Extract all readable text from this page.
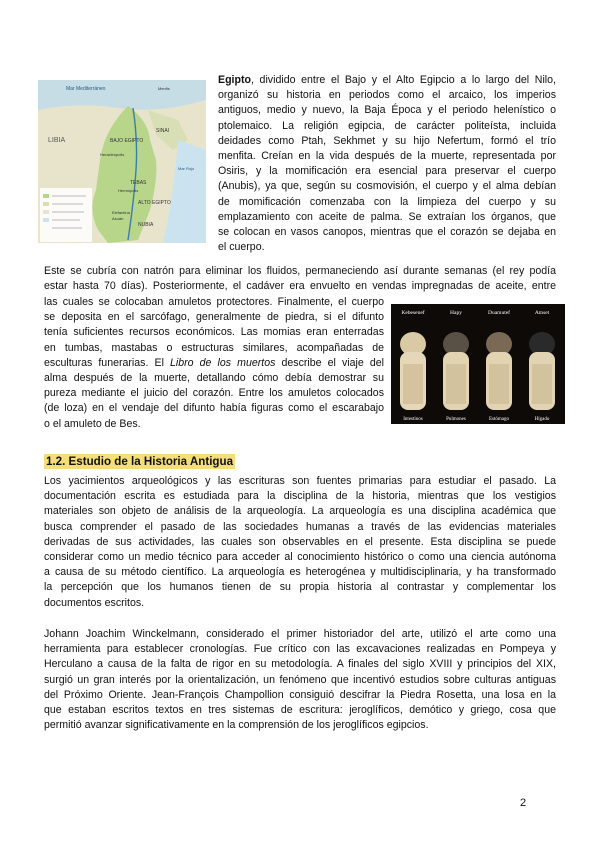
Mar Mediterráneo
LIBIA	BAJO EGIPTO
SINAI
Heracleópolis
TEBAS
Hermópolis
ALTO EGIPTO
Elefantina
Asuán
NUBIA
Menfis
Mar Rojo
Egipto, dividido entre el Bajo y el Alto Egipcio a lo largo del Nilo,
organizó su historia en periodos como el arcaico, los imperios
antiguos, medio y nuevo, la Baja Época y el periodo helenístico o
ptolemaico. La religión egipcia, de carácter politeísta, incluida
deidades como Ptah, Sekhmet y su hijo Nefertum, formó el trío
menfita. Creían en la vida después de la muerte, representada por
Osiris, y la momificación era esencial para preservar el cuerpo
(Anubis), ya que, según su cosmovisión, el cuerpo y el alma debían
de momificación comenzaba con la limpieza del cuerpo y su
emplazamiento con aceite de palma. Se extraían los órganos, que
se colocan en vasos canopos, mientras que el corazón se dejaba en
el cuerpo.
Este se cubría con natrón para eliminar los fluidos, permaneciendo así durante semanas (el rey podía
estar hasta 70 días). Posteriormente, el cadáver era envuelto en vendas impregnadas de aceite, entre
las cuales se colocaban amuletos protectores. Finalmente, el cuerpo
se deposita en el sarcófago, generalmente de piedra, si el difunto
tenía suficientes recursos económicos. Las momias eran enterradas
en tumbas, mastabas o estructuras similares, acompañadas de
esculturas funerarias. El Libro de los muertos describe el viaje del
alma después de la muerte, detallando cómo debía demostrar su
pureza mediante el juicio del corazón. Entre los amuletos colocados
(de loza) en el vendaje del difunto había figuras como el escarabajo
o el amuleto de Bes.
Kebesenef	Hapy	Duamutef	Amset
Intestinos	Pulmones	Estómago	Hígado
1.2. Estudio de la Historia Antigua
Los yacimientos arqueológicos y las escrituras son fuentes primarias para estudiar el pasado. La
documentación escrita es estudiada para la disciplina de la historia, mientras que los vestigios
materiales son objeto de análisis de la arqueología. La arqueología es una disciplina académica que
busca comprender el pasado de las sociedades humanas a través de las evidencias materiales
derivadas de sus actividades, las cuales son observables en el presente. Esta disciplina se puede
considerar como un medio técnico para acceder al conocimiento histórico o como una ciencia autónoma
a causa de su método científico. La arqueología es heterogénea y multidisciplinaria, y ha transformado
la percepción que los humanos tienen de su propia historia al contrastar y complementar los
documentos escritos.
Johann Joachim Winckelmann, considerado el primer historiador del arte, utilizó el arte como una
herramienta para establecer cronologías. Fue crítico con las excavaciones realizadas en Pompeya y
Herculano a causa de la falta de rigor en su metodología. A finales del siglo XVIII y principios del XIX,
surgió un gran interés por la orientalización, un fenómeno que incentivó estudios sobre culturas antiguas
del Próximo Oriente. Jean-François Champollion consiguió descifrar la Piedra Rosetta, una losa en la
que estaban escritos textos en tres sistemas de escritura: jeroglíficos, demótico y griego, cosa que
permitió avanzar significativamente en la comprensión de los jeroglíficos egipcios.
2
